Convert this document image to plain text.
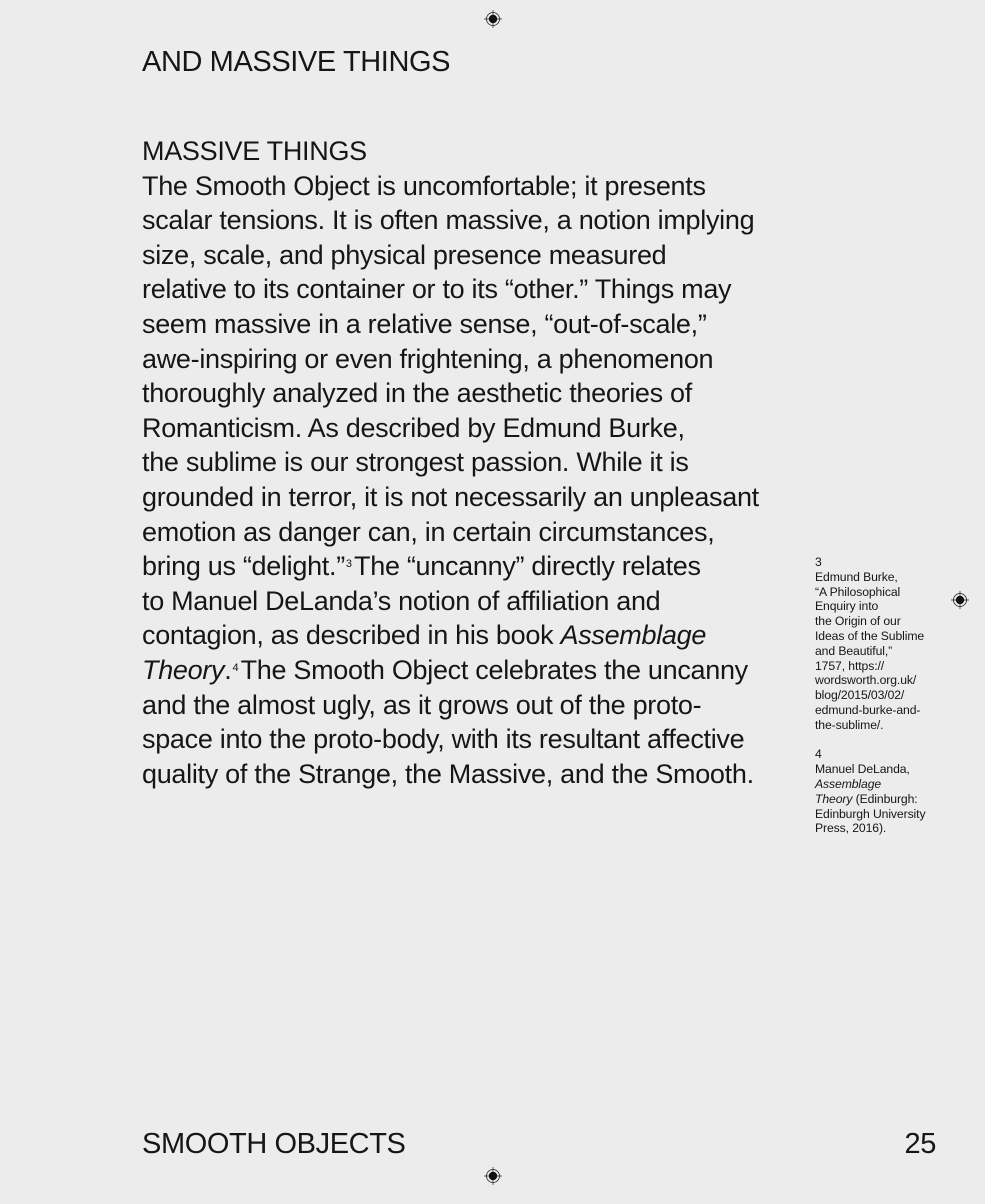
AND MASSIVE THINGS
MASSIVE THINGS
The Smooth Object is uncomfortable; it presents
scalar tensions. It is often massive, a notion implying
size, scale, and physical presence measured
relative to its container or to its “other.” Things may
seem massive in a relative sense, “out-of-scale,”
awe-inspiring or even frightening, a phenomenon
thoroughly analyzed in the aesthetic theories of
Romanticism. As described by Edmund Burke,
the sublime is our strongest passion. While it is
grounded in terror, it is not necessarily an unpleasant
emotion as danger can, in certain circumstances,
bring us “delight.”$^3$The “uncanny” directly relates
to Manuel DeLanda’s notion of affiliation and
contagion, as described in his book Assemblage
Theory.$^4$The Smooth Object celebrates the uncanny
and the almost ugly, as it grows out of the proto-
space into the proto-body, with its resultant affective
quality of the Strange, the Massive, and the Smooth.
3
Edmund Burke,
“A Philosophical
Enquiry into
the Origin of our
Ideas of the Sublime
and Beautiful,”
1757, https://
wordsworth.org.uk/
blog/2015/03/02/
edmund-burke-and-
the-sublime/.
4
Manuel DeLanda,
Assemblage
Theory (Edinburgh:
Edinburgh University
Press, 2016).
SMOOTH OBJECTS	25
